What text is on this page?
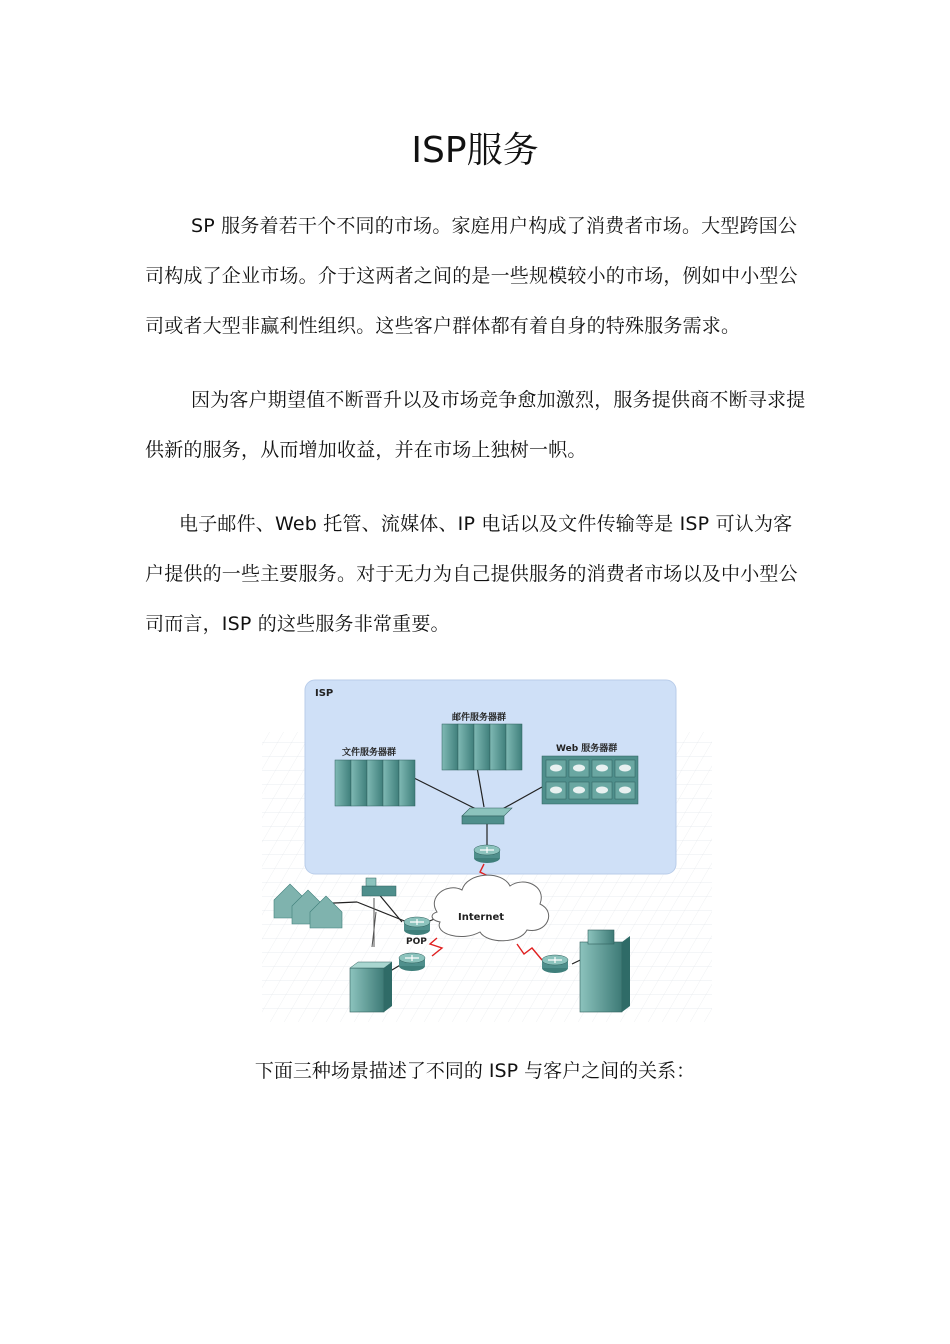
ISP服务

SP 服务着若干个不同的市场。家庭用户构成了消费者市场。大型跨国公司构成了企业市场。介于这两者之间的是一些规模较小的市场，例如中小型公司或者大型非赢利性组织。这些客户群体都有着自身的特殊服务需求。

因为客户期望值不断晋升以及市场竞争愈加激烈，服务提供商不断寻求提供新的服务，从而增加收益，并在市场上独树一帜。

电子邮件、Web 托管、流媒体、IP 电话以及文件传输等是 ISP 可认为客户提供的一些主要服务。对于无力为自己提供服务的消费者市场以及中小型公司而言，ISP 的这些服务非常重要。

ISP
文件服务器群
邮件服务器群
Web 服务器群
POP
Internet
下面三种场景描述了不同的 ISP 与客户之间的关系：
